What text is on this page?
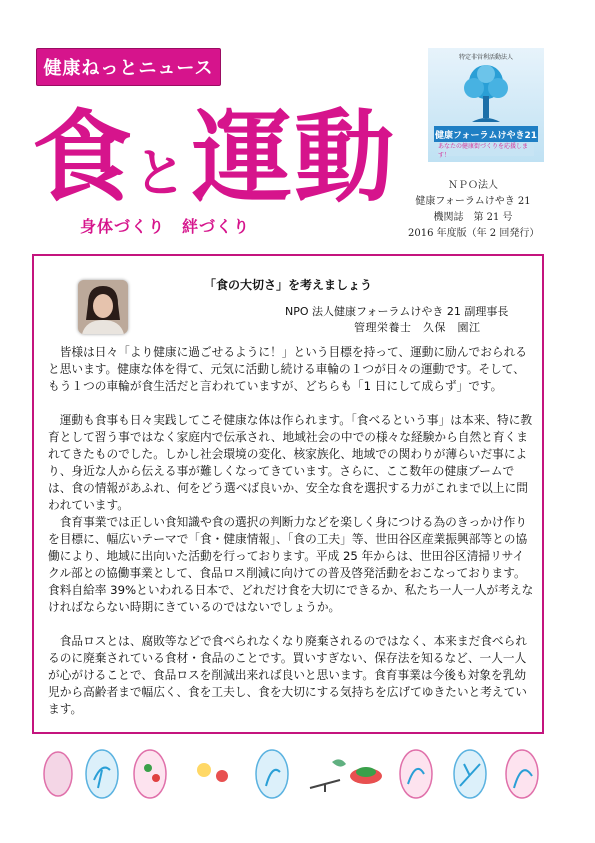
健康ねっとニュース
食 と 運動
身体づくり　絆づくり
特定非営利活動法人
健康フォーラムけやき21
あなたの健康街づくりを応援します！
ＮＰＯ法人
健康フォーラムけやき 21
機関誌　第 21 号
2016 年度版（年 2 回発行）
「食の大切さ」を考えましょう
NPO 法人健康フォーラムけやき 21 副理事長
管理栄養士　久保　園江

皆様は日々「より健康に過ごせるように！」という目標を持って、運動に励んでおられると思います。健康な体を得て、元気に活動し続ける車輪の１つが日々の運動です。そして、もう１つの車輪が食生活だと言われていますが、どちらも「1 日にして成らず」です。

運動も食事も日々実践してこそ健康な体は作られます。「食べるという事」は本来、特に教育として習う事ではなく家庭内で伝承され、地域社会の中での様々な経験から自然と育くまれてきたものでした。しかし社会環境の変化、核家族化、地域での関わりが薄らいだ事により、身近な人から伝える事が難しくなってきています。さらに、ここ数年の健康ブームでは、食の情報があふれ、何をどう選べば良いか、安全な食を選択する力がこれまで以上に問われています。

食育事業では正しい食知識や食の選択の判断力などを楽しく身につける為のきっかけ作りを目標に、幅広いテーマで「食・健康情報」、「食の工夫」等、世田谷区産業振興部等との協働により、地域に出向いた活動を行っております。平成 25 年からは、世田谷区清掃リサイクル部との協働事業として、食品ロス削減に向けての普及啓発活動をおこなっております。食料自給率 39%といわれる日本で、どれだけ食を大切にできるか、私たち一人一人が考えなければならない時期にきているのではないでしょうか。

食品ロスとは、腐敗等などで食べられなくなり廃棄されるのではなく、本来まだ食べられるのに廃棄されている食材・食品のことです。買いすぎない、保存法を知るなど、一人一人が心がけることで、食品ロスを削減出来れば良いと思います。食育事業は今後も対象を乳幼児から高齢者まで幅広く、食を工夫し、食を大切にする気持ちを広げてゆきたいと考えています。
